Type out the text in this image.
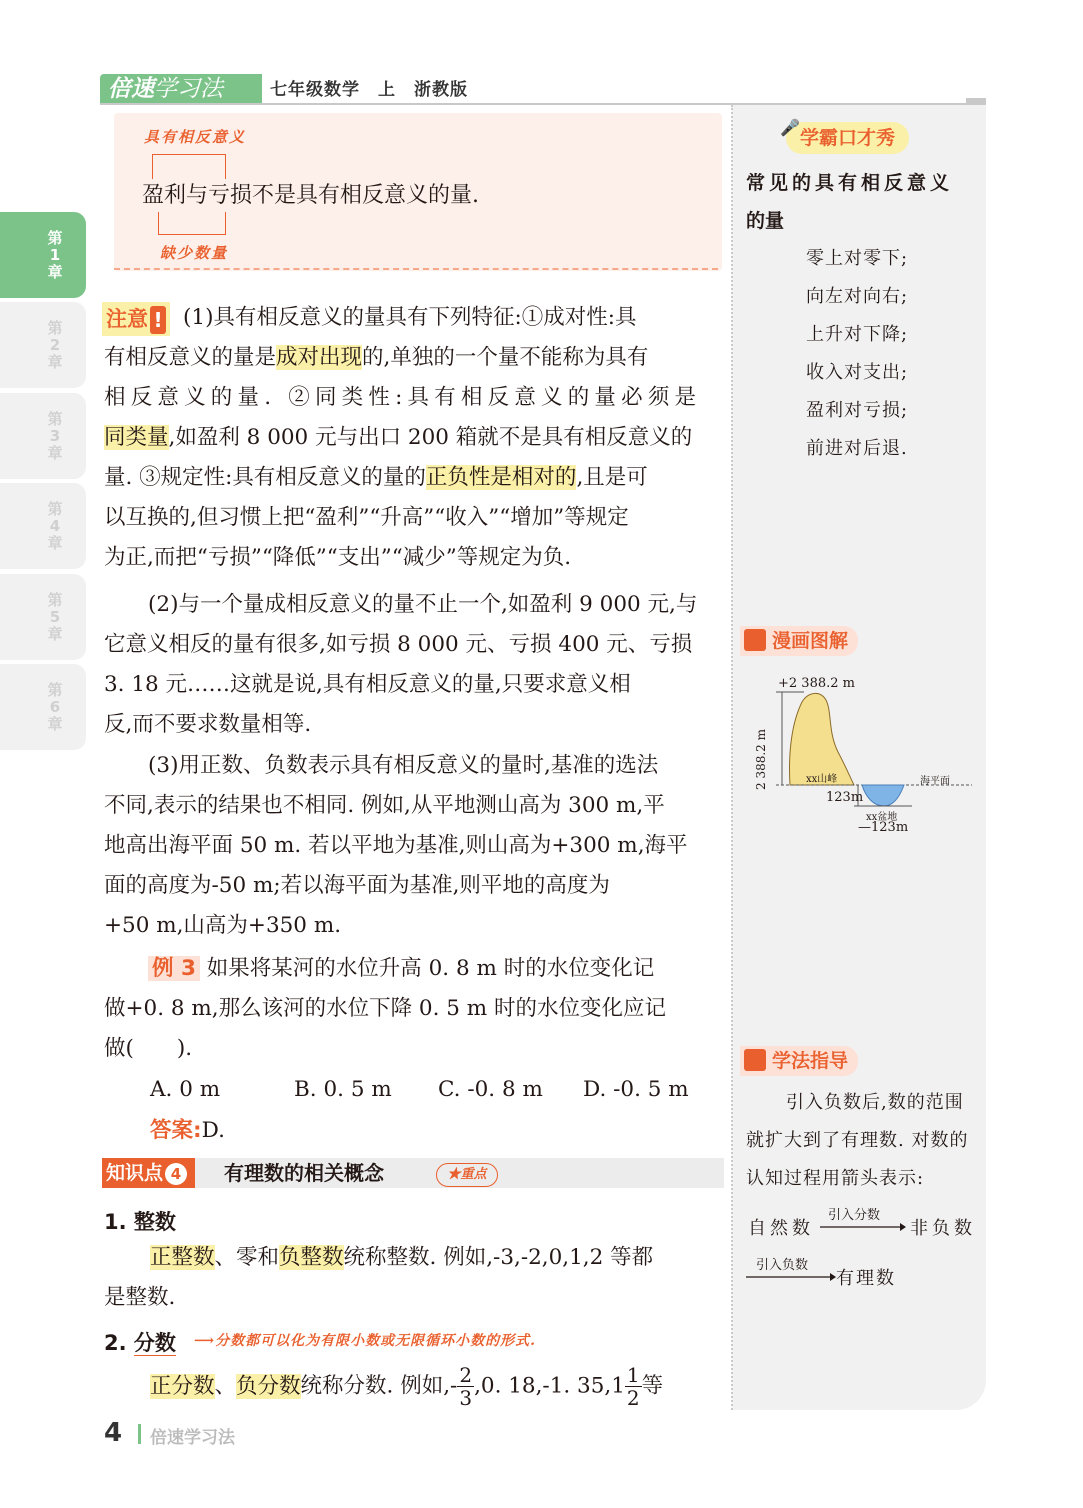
倍速学习法	七年级数学　上　浙教版
第1章
第2章
第3章
第4章
第5章
第6章
具有相反意义
盈利与亏损不是具有相反意义的量.
缺少数量
注意 ! (1)具有相反意义的量具有下列特征:①成对性:具
有相反意义的量是成对出现的,单独的一个量不能称为具有
相反意义的量. ②同类性:具有相反意义的量必须是
同类量,如盈利 8 000 元与出口 200 箱就不是具有相反意义的
量. ③规定性:具有相反意义的量的正负性是相对的,且是可
以互换的,但习惯上把“盈利”“升高”“收入”“增加”等规定
为正,而把“亏损”“降低”“支出”“减少”等规定为负.
(2)与一个量成相反意义的量不止一个,如盈利 9 000 元,与
它意义相反的量有很多,如亏损 8 000 元、亏损 400 元、亏损
3. 18 元……这就是说,具有相反意义的量,只要求意义相
反,而不要求数量相等.
(3)用正数、负数表示具有相反意义的量时,基准的选法
不同,表示的结果也不相同. 例如,从平地测山高为 300 m,平
地高出海平面 50 m. 若以平地为基准,则山高为+300 m,海平
面的高度为-50 m;若以海平面为基准,则平地的高度为
+50 m,山高为+350 m.
例 3 如果将某河的水位升高 0. 8 m 时的水位变化记
做+0. 8 m,那么该河的水位下降 0. 5 m 时的水位变化应记
做(　　).
A. 0 m	B. 0. 5 m C. -0. 8 m D. -0. 5 m
答案:D.
知识点 4	有理数的相关概念	★重点
1. 整数
正整数、零和负整数统称整数. 例如,-3,-2,0,1,2 等都
是整数.
2. 分数 ⟶分数都可以化为有限小数或无限循环小数的形式.
正分数、负分数统称分数. 例如,- $\frac{2}{3} ,0$. 18,-1. $35,1 \frac{1}{2}$ 等
学霸口才秀
🎤
常见的具有相反意义
的量
零上对零下;
向左对向右;
上升对下降;
收入对支出;
盈利对亏损;
前进对后退.
漫画图解
+2 388.2 m
2 388.2 m	xx山峰	海平面
123m
xx盆地
—123m
学法指导
引入负数后,数的范围
就扩大到了有理数. 对数的
认知过程用箭头表示:
自然数
引入分数
非负数
引入负数
有理数
4 倍速学习法
